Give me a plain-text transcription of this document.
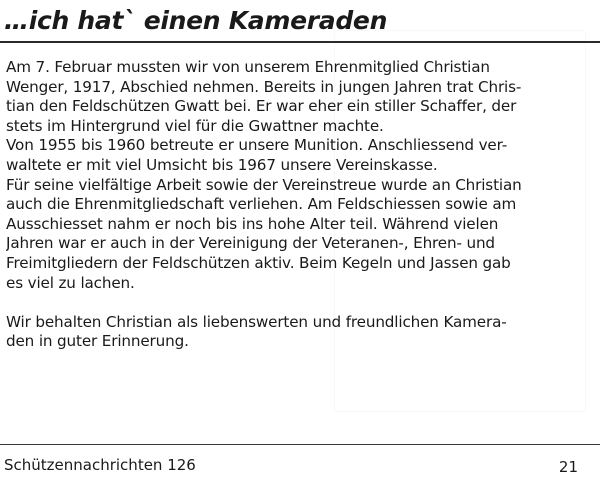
…ich hat` einen Kameraden
Am 7. Februar mussten wir von unserem Ehrenmitglied Christian
Wenger, 1917, Abschied nehmen. Bereits in jungen Jahren trat Chris-
tian den Feldschützen Gwatt bei. Er war eher ein stiller Schaffer, der
stets im Hintergrund viel für die Gwattner machte.
Von 1955 bis 1960 betreute er unsere Munition. Anschliessend ver-
waltete er mit viel Umsicht bis 1967 unsere Vereinskasse.
Für seine vielfältige Arbeit sowie der Vereinstreue wurde an Christian
auch die Ehrenmitgliedschaft verliehen. Am Feldschiessen sowie am
Ausschiesset nahm er noch bis ins hohe Alter teil. Während vielen
Jahren war er auch in der Vereinigung der Veteranen-, Ehren- und
Freimitgliedern der Feldschützen aktiv. Beim Kegeln und Jassen gab
es viel zu lachen.
Wir behalten Christian als liebenswerten und freundlichen Kamera-
den in guter Erinnerung.
Schützennachrichten 126	21
